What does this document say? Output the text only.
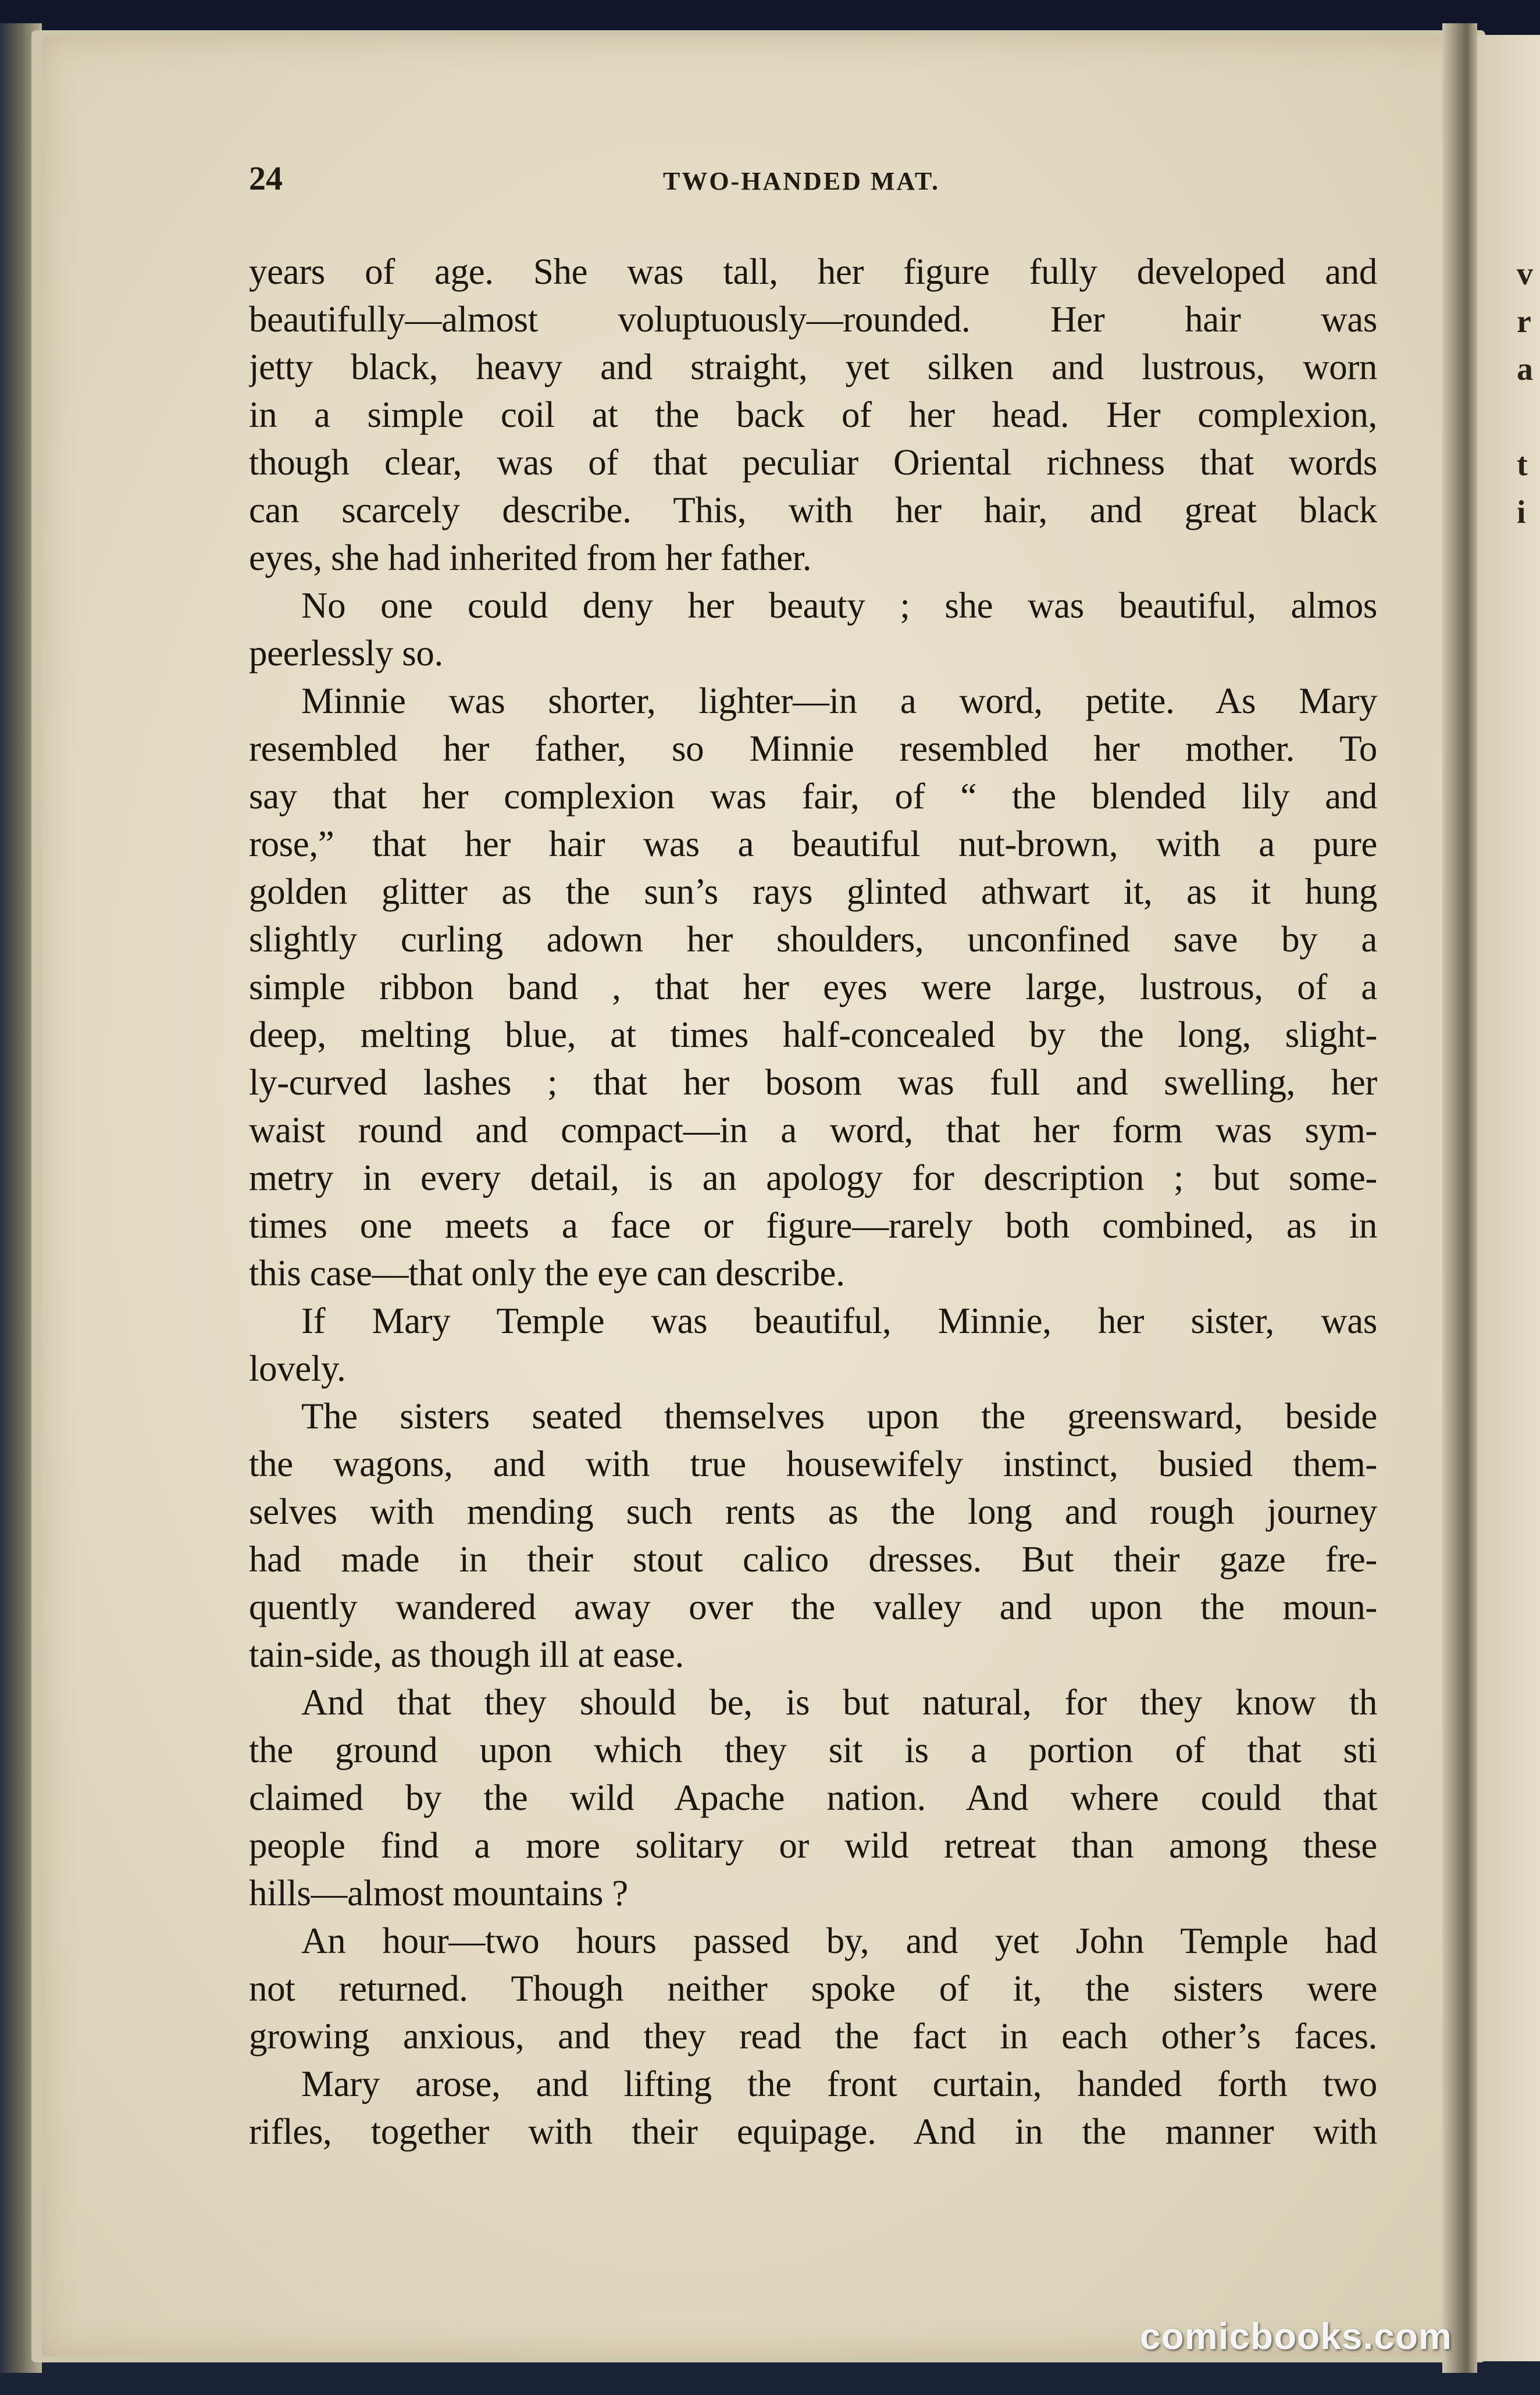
v
r
a
t
i
24	TWO-HANDED MAT.
years of age. She was tall, her figure fully developed and
beautifully—almost voluptuously—rounded. Her hair was
jetty black, heavy and straight, yet silken and lustrous, worn
in a simple coil at the back of her head. Her complexion,
though clear, was of that peculiar Oriental richness that words
can scarcely describe. This, with her hair, and great black
eyes, she had inherited from her father.
No one could deny her beauty ; she was beautiful, almos
peerlessly so.
Minnie was shorter, lighter—in a word, petite. As Mary
resembled her father, so Minnie resembled her mother. To
say that her complexion was fair, of “ the blended lily and
rose,” that her hair was a beautiful nut-brown, with a pure
golden glitter as the sun’s rays glinted athwart it, as it hung
slightly curling adown her shoulders, unconfined save by a
simple ribbon band , that her eyes were large, lustrous, of a
deep, melting blue, at times half-concealed by the long, slight-
ly-curved lashes ; that her bosom was full and swelling, her
waist round and compact—in a word, that her form was sym-
metry in every detail, is an apology for description ; but some-
times one meets a face or figure—rarely both combined, as in
this case—that only the eye can describe.
If Mary Temple was beautiful, Minnie, her sister, was
lovely.
The sisters seated themselves upon the greensward, beside
the wagons, and with true housewifely instinct, busied them-
selves with mending such rents as the long and rough journey
had made in their stout calico dresses. But their gaze fre-
quently wandered away over the valley and upon the moun-
tain-side, as though ill at ease.
And that they should be, is but natural, for they know th
the ground upon which they sit is a portion of that sti
claimed by the wild Apache nation. And where could that
people find a more solitary or wild retreat than among these
hills—almost mountains ?
An hour—two hours passed by, and yet John Temple had
not returned. Though neither spoke of it, the sisters were
growing anxious, and they read the fact in each other’s faces.
Mary arose, and lifting the front curtain, handed forth two
rifles, together with their equipage. And in the manner with
comicbooks.com
